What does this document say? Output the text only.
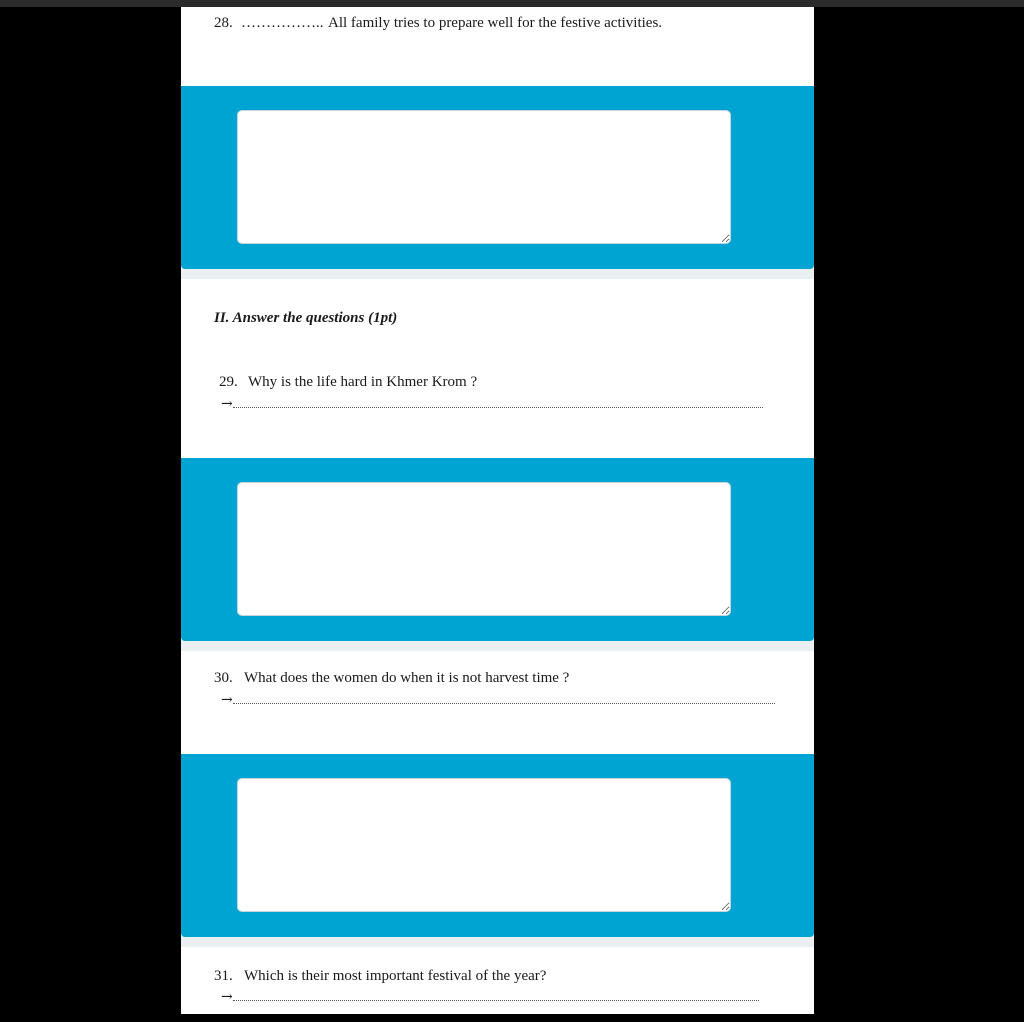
28. …………….. All family tries to prepare well for the festive activities.
II. Answer the questions (1pt)
29. Why is the life hard in Khmer Krom ?
→
30. What does the women do when it is not harvest time ?
→
31. Which is their most important festival of the year?
→
